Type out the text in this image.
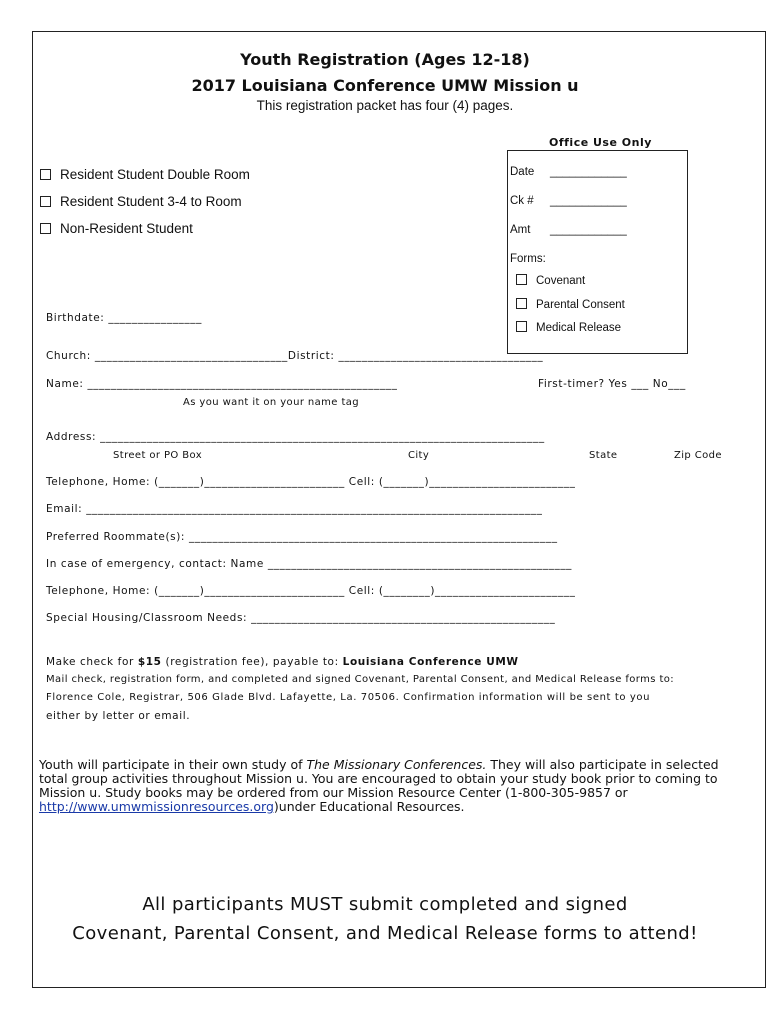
Youth Registration (Ages 12-18)
2017 Louisiana Conference UMW Mission u
This registration packet has four (4) pages.
Office Use Only
Date ____________
Ck # ____________
Amt ____________
Forms:
Covenant
Parental Consent
Medical Release
Resident Student Double Room
Resident Student 3-4 to Room
Non-Resident Student
Birthdate: ________________
Church: _________________________________District: ___________________________________
Name: _____________________________________________________	First-timer? Yes ___ No___
As you want it on your name tag
Address: ____________________________________________________________________________
Street or PO Box	City	State	Zip Code
Telephone, Home: (_______)________________________ Cell: (_______)_________________________
Email: ______________________________________________________________________________
Preferred Roommate(s): _______________________________________________________________
In case of emergency, contact: Name ____________________________________________________
Telephone, Home: (_______)________________________ Cell: (________)________________________
Special Housing/Classroom Needs: ____________________________________________________
Make check for $15 (registration fee), payable to: Louisiana Conference UMW
Mail check, registration form, and completed and signed Covenant, Parental Consent, and Medical Release forms to:
Florence Cole, Registrar, 506 Glade Blvd. Lafayette, La. 70506. Confirmation information will be sent to you
either by letter or email.
Youth will participate in their own study of The Missionary Conferences. They will also participate in selected total group activities throughout Mission u. You are encouraged to obtain your study book prior to coming to Mission u. Study books may be ordered from our Mission Resource Center (1-800-305-9857 or http://www.umwmissionresources.org)under Educational Resources.
All participants MUST submit completed and signed
Covenant, Parental Consent, and Medical Release forms to attend!
